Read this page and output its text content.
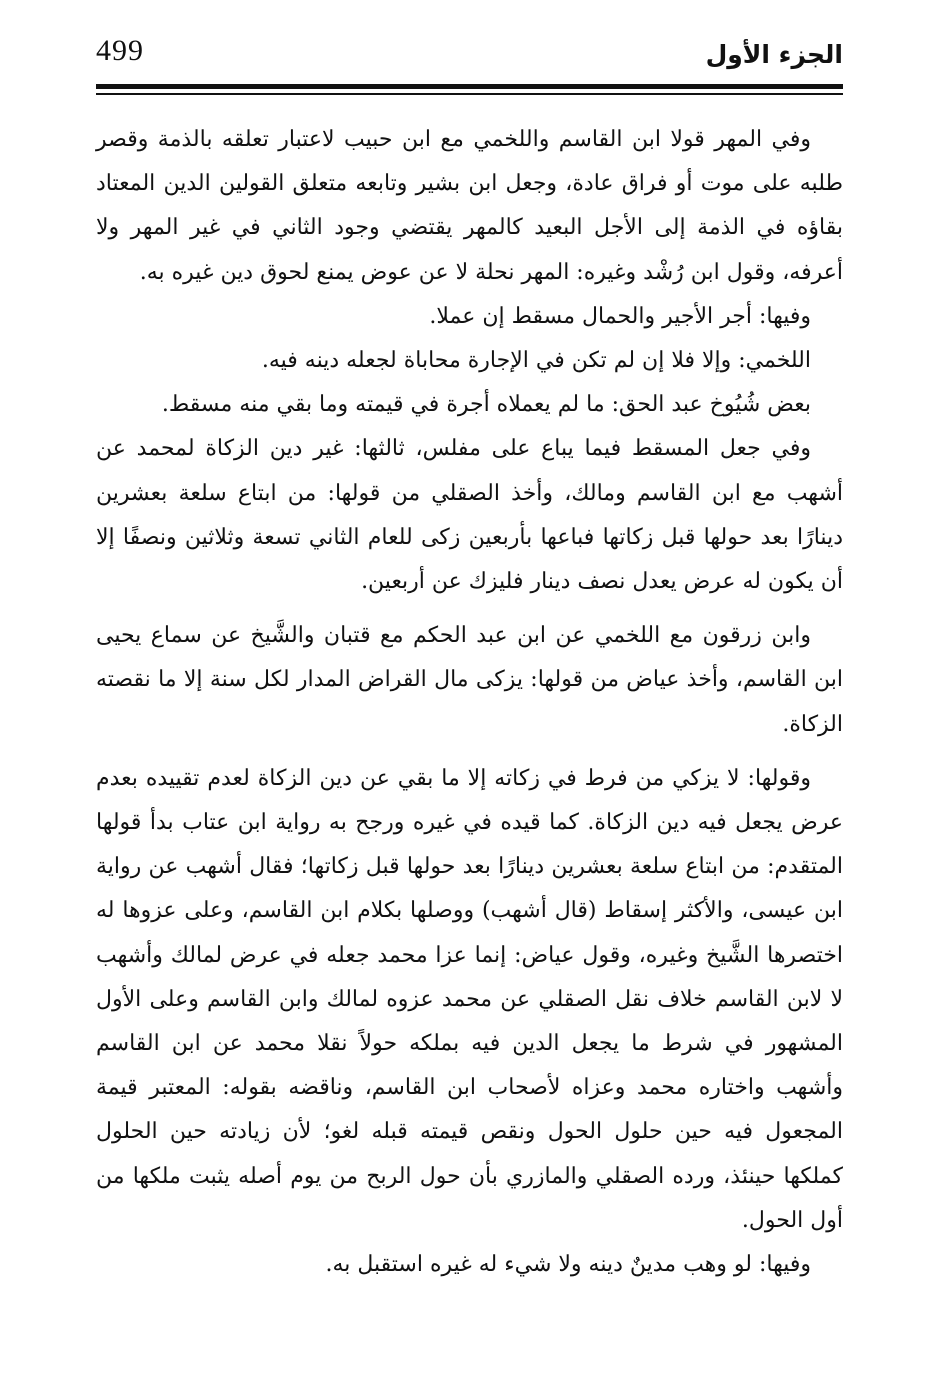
499	الجزء الأول

وفي المهر قولا ابن القاسم واللخمي مع ابن حبيب لاعتبار تعلقه بالذمة وقصر طلبه على موت أو فراق عادة، وجعل ابن بشير وتابعه متعلق القولين الدين المعتاد بقاؤه في الذمة إلى الأجل البعيد كالمهر يقتضي وجود الثاني في غير المهر ولا أعرفه، وقول ابن رُشْد وغيره: المهر نحلة لا عن عوض يمنع لحوق دين غيره به.

وفيها: أجر الأجير والحمال مسقط إن عملا.

اللخمي: وإلا فلا إن لم تكن في الإجارة محاباة لجعله دينه فيه.

بعض شُيُوخ عبد الحق: ما لم يعملاه أجرة في قيمته وما بقي منه مسقط.

وفي جعل المسقط فيما يباع على مفلس، ثالثها: غير دين الزكاة لمحمد عن أشهب مع ابن القاسم ومالك، وأخذ الصقلي من قولها: من ابتاع سلعة بعشرين دينارًا بعد حولها قبل زكاتها فباعها بأربعين زكى للعام الثاني تسعة وثلاثين ونصفًا إلا أن يكون له عرض يعدل نصف دينار فليزك عن أربعين.

وابن زرقون مع اللخمي عن ابن عبد الحكم مع قتبان والشَّيخ عن سماع يحيى ابن القاسم، وأخذ عياض من قولها: يزكى مال القراض المدار لكل سنة إلا ما نقصته الزكاة.

وقولها: لا يزكي من فرط في زكاته إلا ما بقي عن دين الزكاة لعدم تقييده بعدم عرض يجعل فيه دين الزكاة. كما قيده في غيره ورجح به رواية ابن عتاب بدأ قولها المتقدم: من ابتاع سلعة بعشرين دينارًا بعد حولها قبل زكاتها؛ فقال أشهب عن رواية ابن عيسى، والأكثر إسقاط (قال أشهب) ووصلها بكلام ابن القاسم، وعلى عزوها له اختصرها الشَّيخ وغيره، وقول عياض: إنما عزا محمد جعله في عرض لمالك وأشهب لا لابن القاسم خلاف نقل الصقلي عن محمد عزوه لمالك وابن القاسم وعلى الأول المشهور في شرط ما يجعل الدين فيه بملكه حولاً نقلا محمد عن ابن القاسم وأشهب واختاره محمد وعزاه لأصحاب ابن القاسم، وناقضه بقوله: المعتبر قيمة المجعول فيه حين حلول الحول ونقص قيمته قبله لغو؛ لأن زيادته حين الحلول كملكها حينئذ، ورده الصقلي والمازري بأن حول الربح من يوم أصله يثبت ملكها من أول الحول.

وفيها: لو وهب مدينٌ دينه ولا شيء له غيره استقبل به.
